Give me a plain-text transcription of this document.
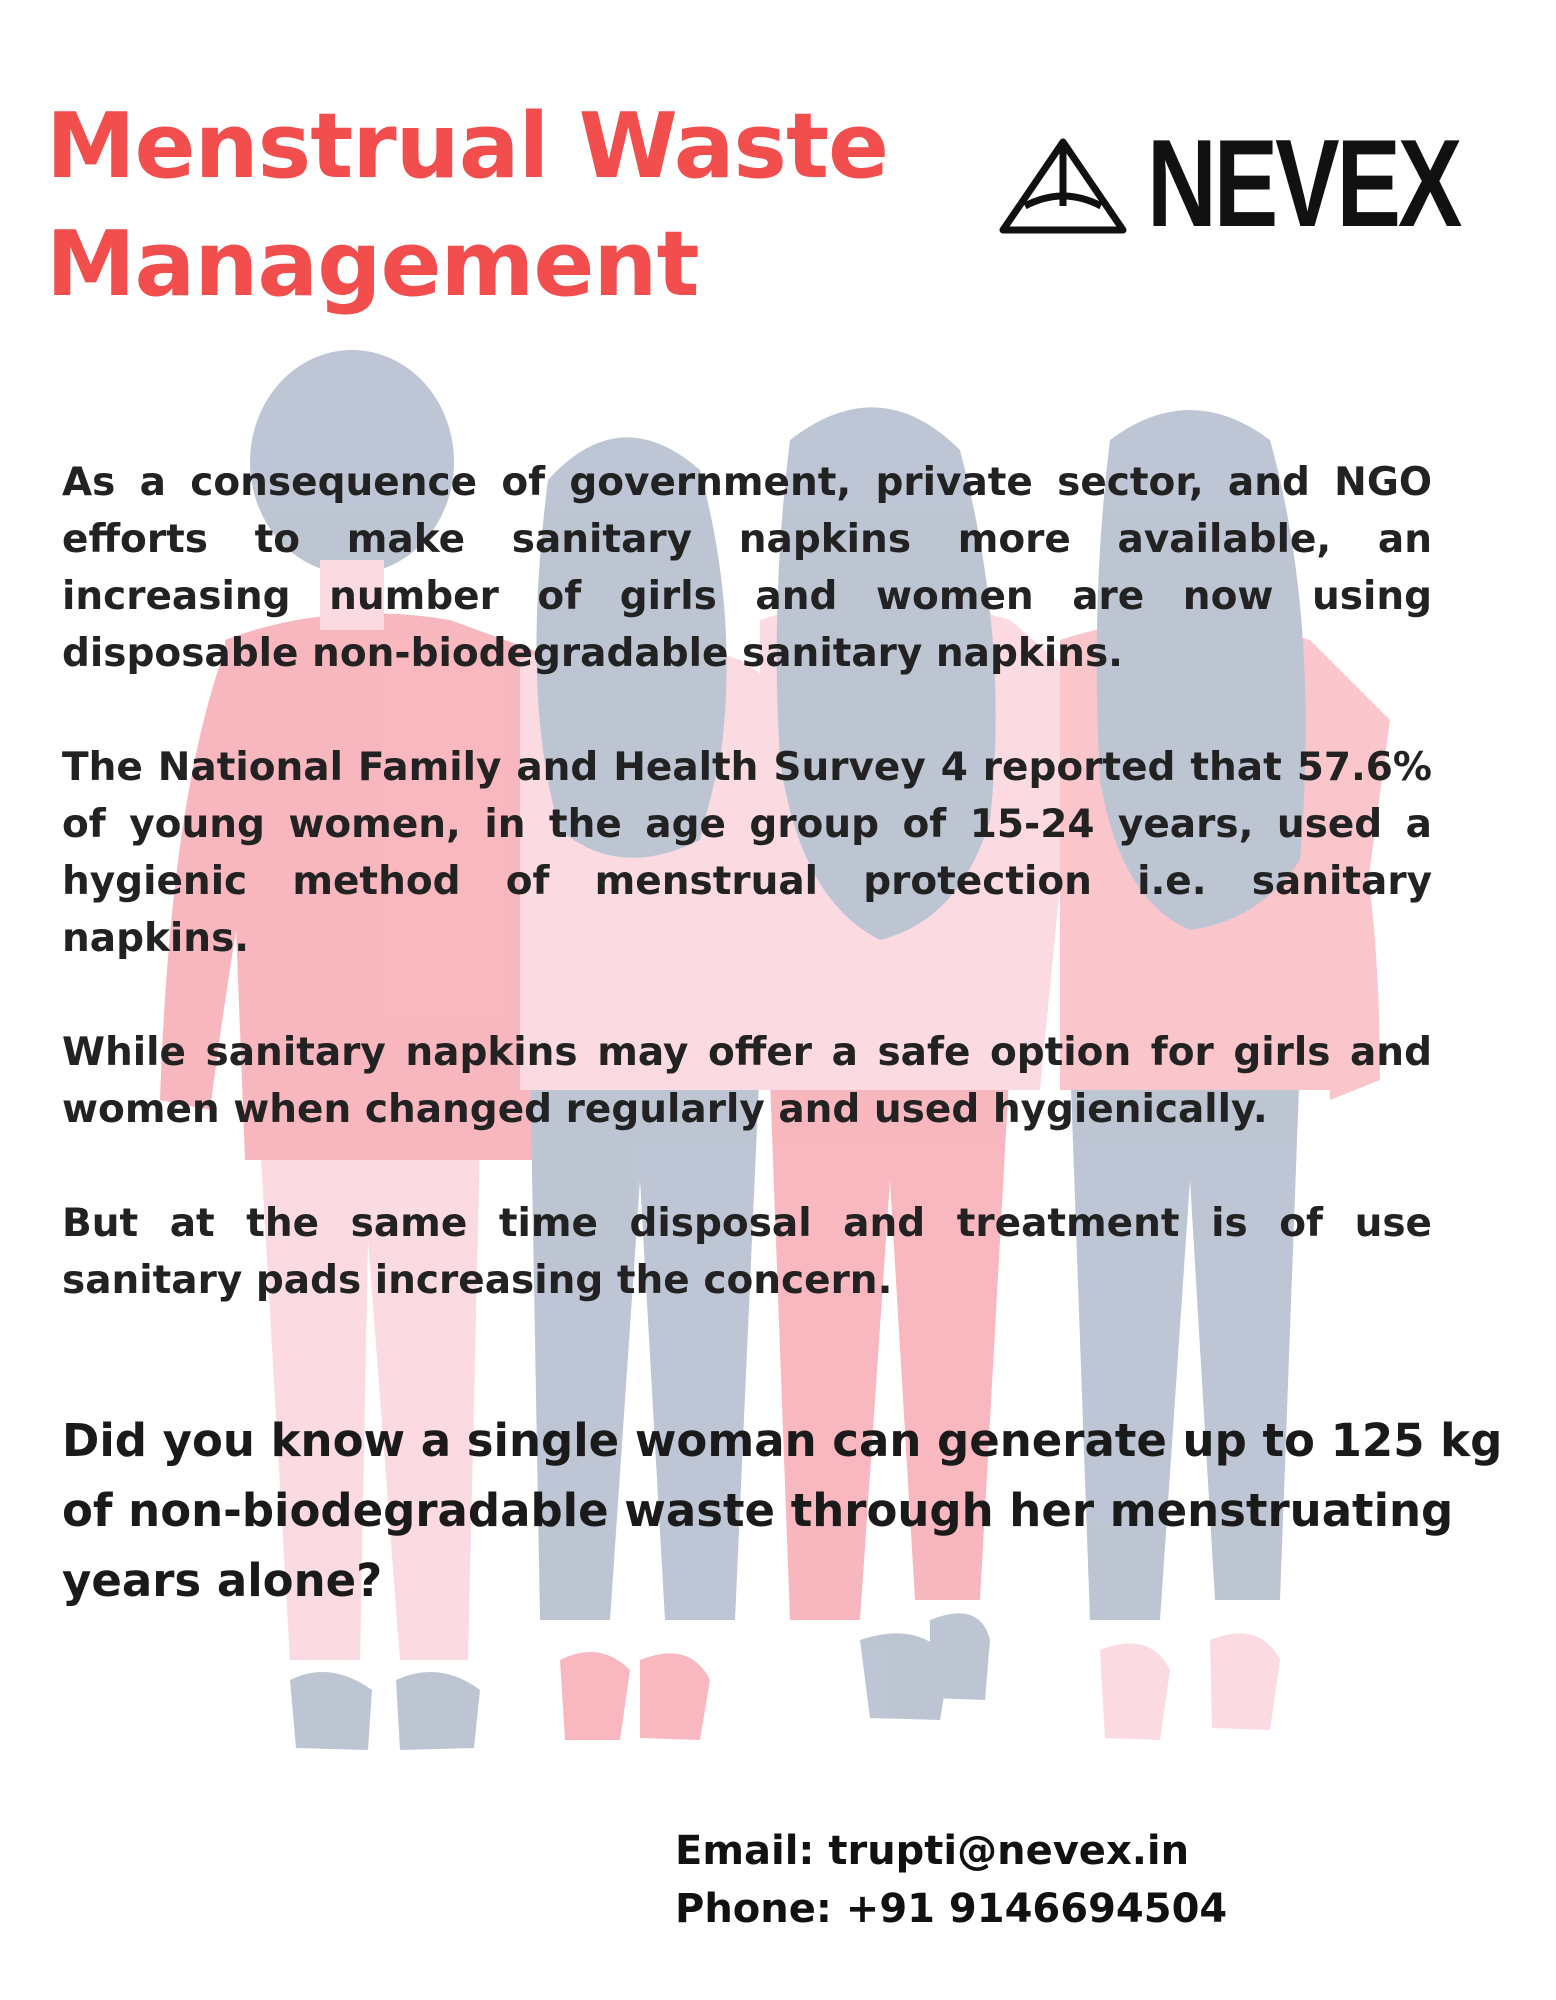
Menstrual Waste
Management
NEVEX

As a consequence of government, private sector, and NGO efforts to make sanitary napkins more available, an increasing number of girls and women are now using disposable non-biodegradable sanitary napkins.

The National Family and Health Survey 4 reported that 57.6% of young women, in the age group of 15-24 years, used a hygienic method of menstrual protection i.e. sanitary napkins.

While sanitary napkins may offer a safe option for girls and women when changed regularly and used hygienically.

But at the same time disposal and treatment is of use sanitary pads increasing the concern.

Did you know a single woman can generate up to 125 kg of non-biodegradable waste through her menstruating years alone?

Email: trupti@nevex.in
Phone: +91 9146694504
